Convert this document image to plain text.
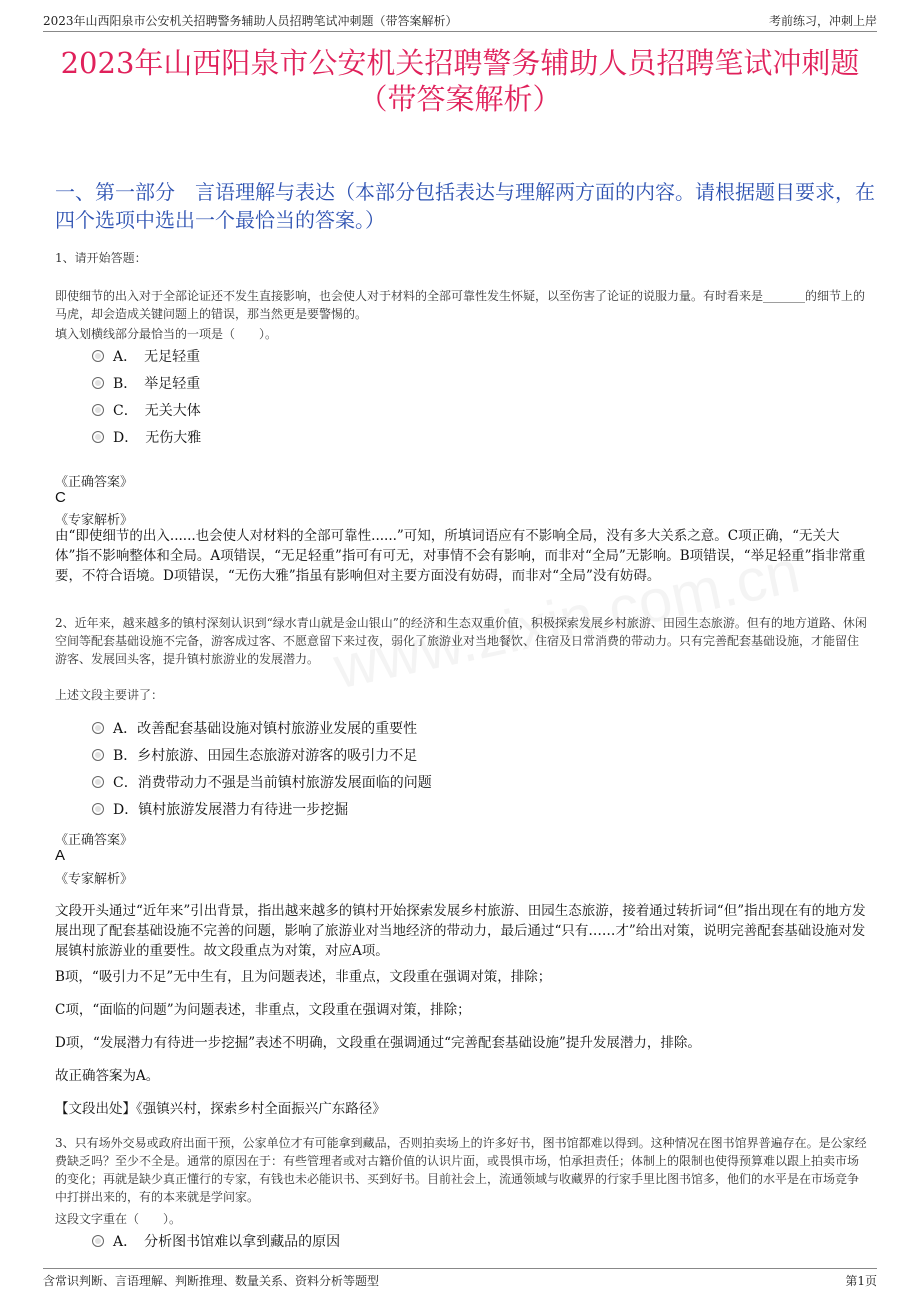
2023年山西阳泉市公安机关招聘警务辅助人员招聘笔试冲刺题（带答案解析）	考前练习，冲刺上岸
2023年山西阳泉市公安机关招聘警务辅助人员招聘笔试冲刺题
（带答案解析）
一、第一部分　言语理解与表达（本部分包括表达与理解两方面的内容。请根据题目要求，在四个选项中选出一个最恰当的答案。）
1、请开始答题：
即使细节的出入对于全部论证还不发生直接影响，也会使人对于材料的全部可靠性发生怀疑，以至伤害了论证的说服力量。有时看来是_______的细节上的马虎，却会造成关键问题上的错误，那当然更是要警惕的。
填入划横线部分最恰当的一项是（　　）。
A．　无足轻重
B．　举足轻重
C．　无关大体
D．　无伤大雅
《正确答案》
C
《专家解析》
由“即使细节的出入......也会使人对材料的全部可靠性......”可知，所填词语应有不影响全局，没有多大关系之意。C项正确，“无关大体”指不影响整体和全局。A项错误，“无足轻重”指可有可无，对事情不会有影响，而非对“全局”无影响。B项错误，“举足轻重”指非常重要，不符合语境。D项错误，“无伤大雅”指虽有影响但对主要方面没有妨碍，而非对“全局”没有妨碍。
2、近年来，越来越多的镇村深刻认识到“绿水青山就是金山银山”的经济和生态双重价值，积极探索发展乡村旅游、田园生态旅游。但有的地方道路、休闲空间等配套基础设施不完备，游客成过客、不愿意留下来过夜，弱化了旅游业对当地餐饮、住宿及日常消费的带动力。只有完善配套基础设施，才能留住游客、发展回头客，提升镇村旅游业的发展潜力。
上述文段主要讲了：
A．改善配套基础设施对镇村旅游业发展的重要性
B．乡村旅游、田园生态旅游对游客的吸引力不足
C．消费带动力不强是当前镇村旅游发展面临的问题
D．镇村旅游发展潜力有待进一步挖掘
《正确答案》
A
《专家解析》
文段开头通过“近年来”引出背景，指出越来越多的镇村开始探索发展乡村旅游、田园生态旅游，接着通过转折词“但”指出现在有的地方发展出现了配套基础设施不完善的问题，影响了旅游业对当地经济的带动力，最后通过“只有……才”给出对策，说明完善配套基础设施对发展镇村旅游业的重要性。故文段重点为对策，对应A项。
B项，“吸引力不足”无中生有，且为问题表述，非重点，文段重在强调对策，排除；
C项，“面临的问题”为问题表述，非重点，文段重在强调对策，排除；
D项，“发展潜力有待进一步挖掘”表述不明确，文段重在强调通过“完善配套基础设施”提升发展潜力，排除。
故正确答案为A。
【文段出处】《强镇兴村，探索乡村全面振兴广东路径》
3、只有场外交易或政府出面干预，公家单位才有可能拿到藏品，否则拍卖场上的许多好书，图书馆都难以得到。这种情况在图书馆界普遍存在。是公家经费缺乏吗？至少不全是。通常的原因在于：有些管理者或对古籍价值的认识片面，或畏惧市场，怕承担责任；体制上的限制也使得预算难以跟上拍卖市场的变化；再就是缺少真正懂行的专家，有钱也未必能识书、买到好书。目前社会上，流通领域与收藏界的行家手里比图书馆多，他们的水平是在市场竞争中打拼出来的，有的本来就是学问家。
这段文字重在（　　）。
A．　分析图书馆难以拿到藏品的原因
含常识判断、言语理解、判断推理、数量关系、资料分析等题型	第1页
